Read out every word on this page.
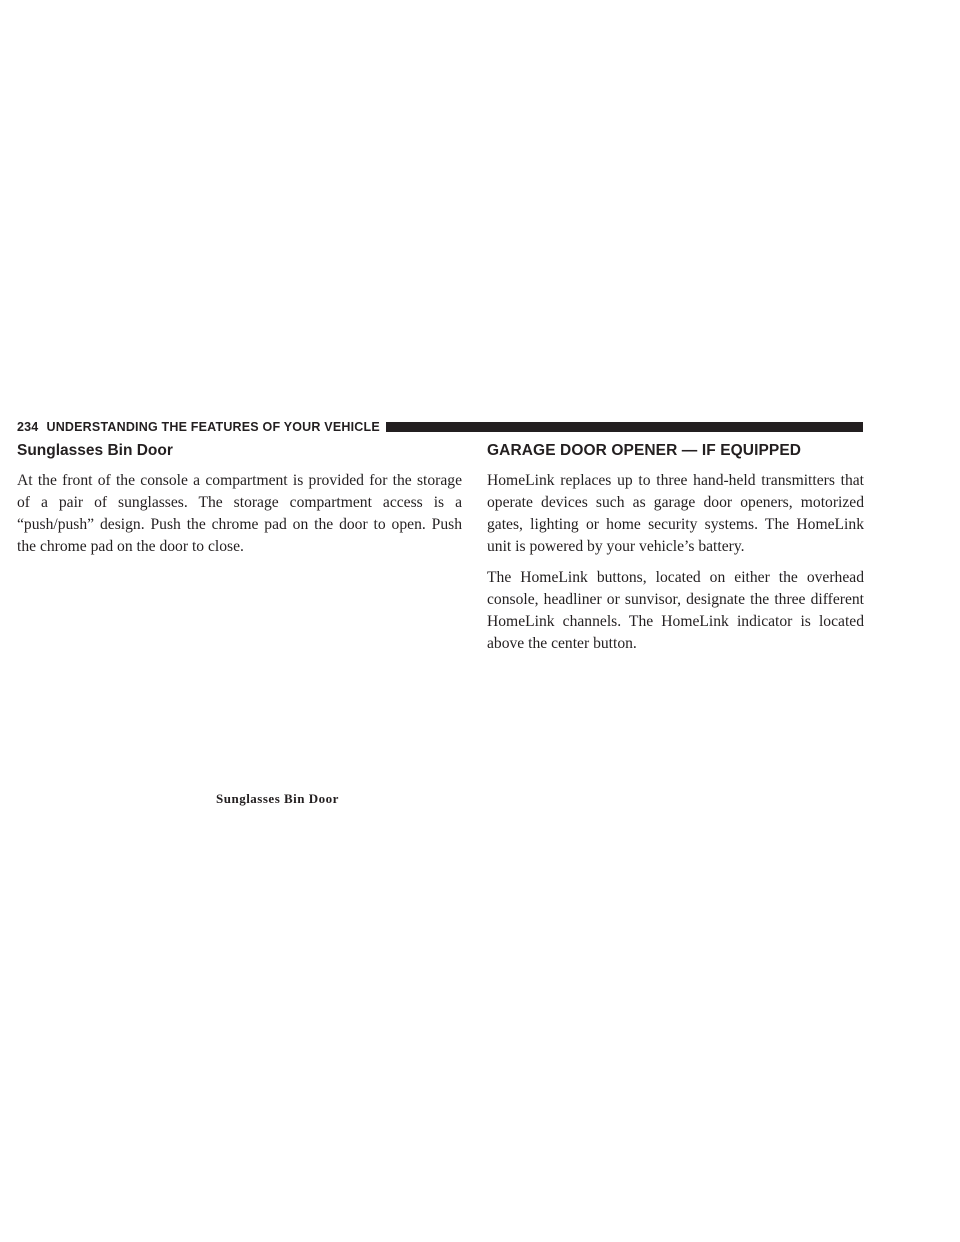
234 UNDERSTANDING THE FEATURES OF YOUR VEHICLE
Sunglasses Bin Door

At the front of the console a compartment is provided for the storage of a pair of sunglasses. The storage compartment access is a “push/push” design. Push the chrome pad on the door to open. Push the chrome pad on the door to close.

Sunglasses Bin Door
GARAGE DOOR OPENER — IF EQUIPPED

HomeLink replaces up to three hand-held transmitters that operate devices such as garage door openers, motorized gates, lighting or home security systems. The HomeLink unit is powered by your vehicle’s battery.

The HomeLink buttons, located on either the overhead console, headliner or sunvisor, designate the three different HomeLink channels. The HomeLink indicator is located above the center button.
